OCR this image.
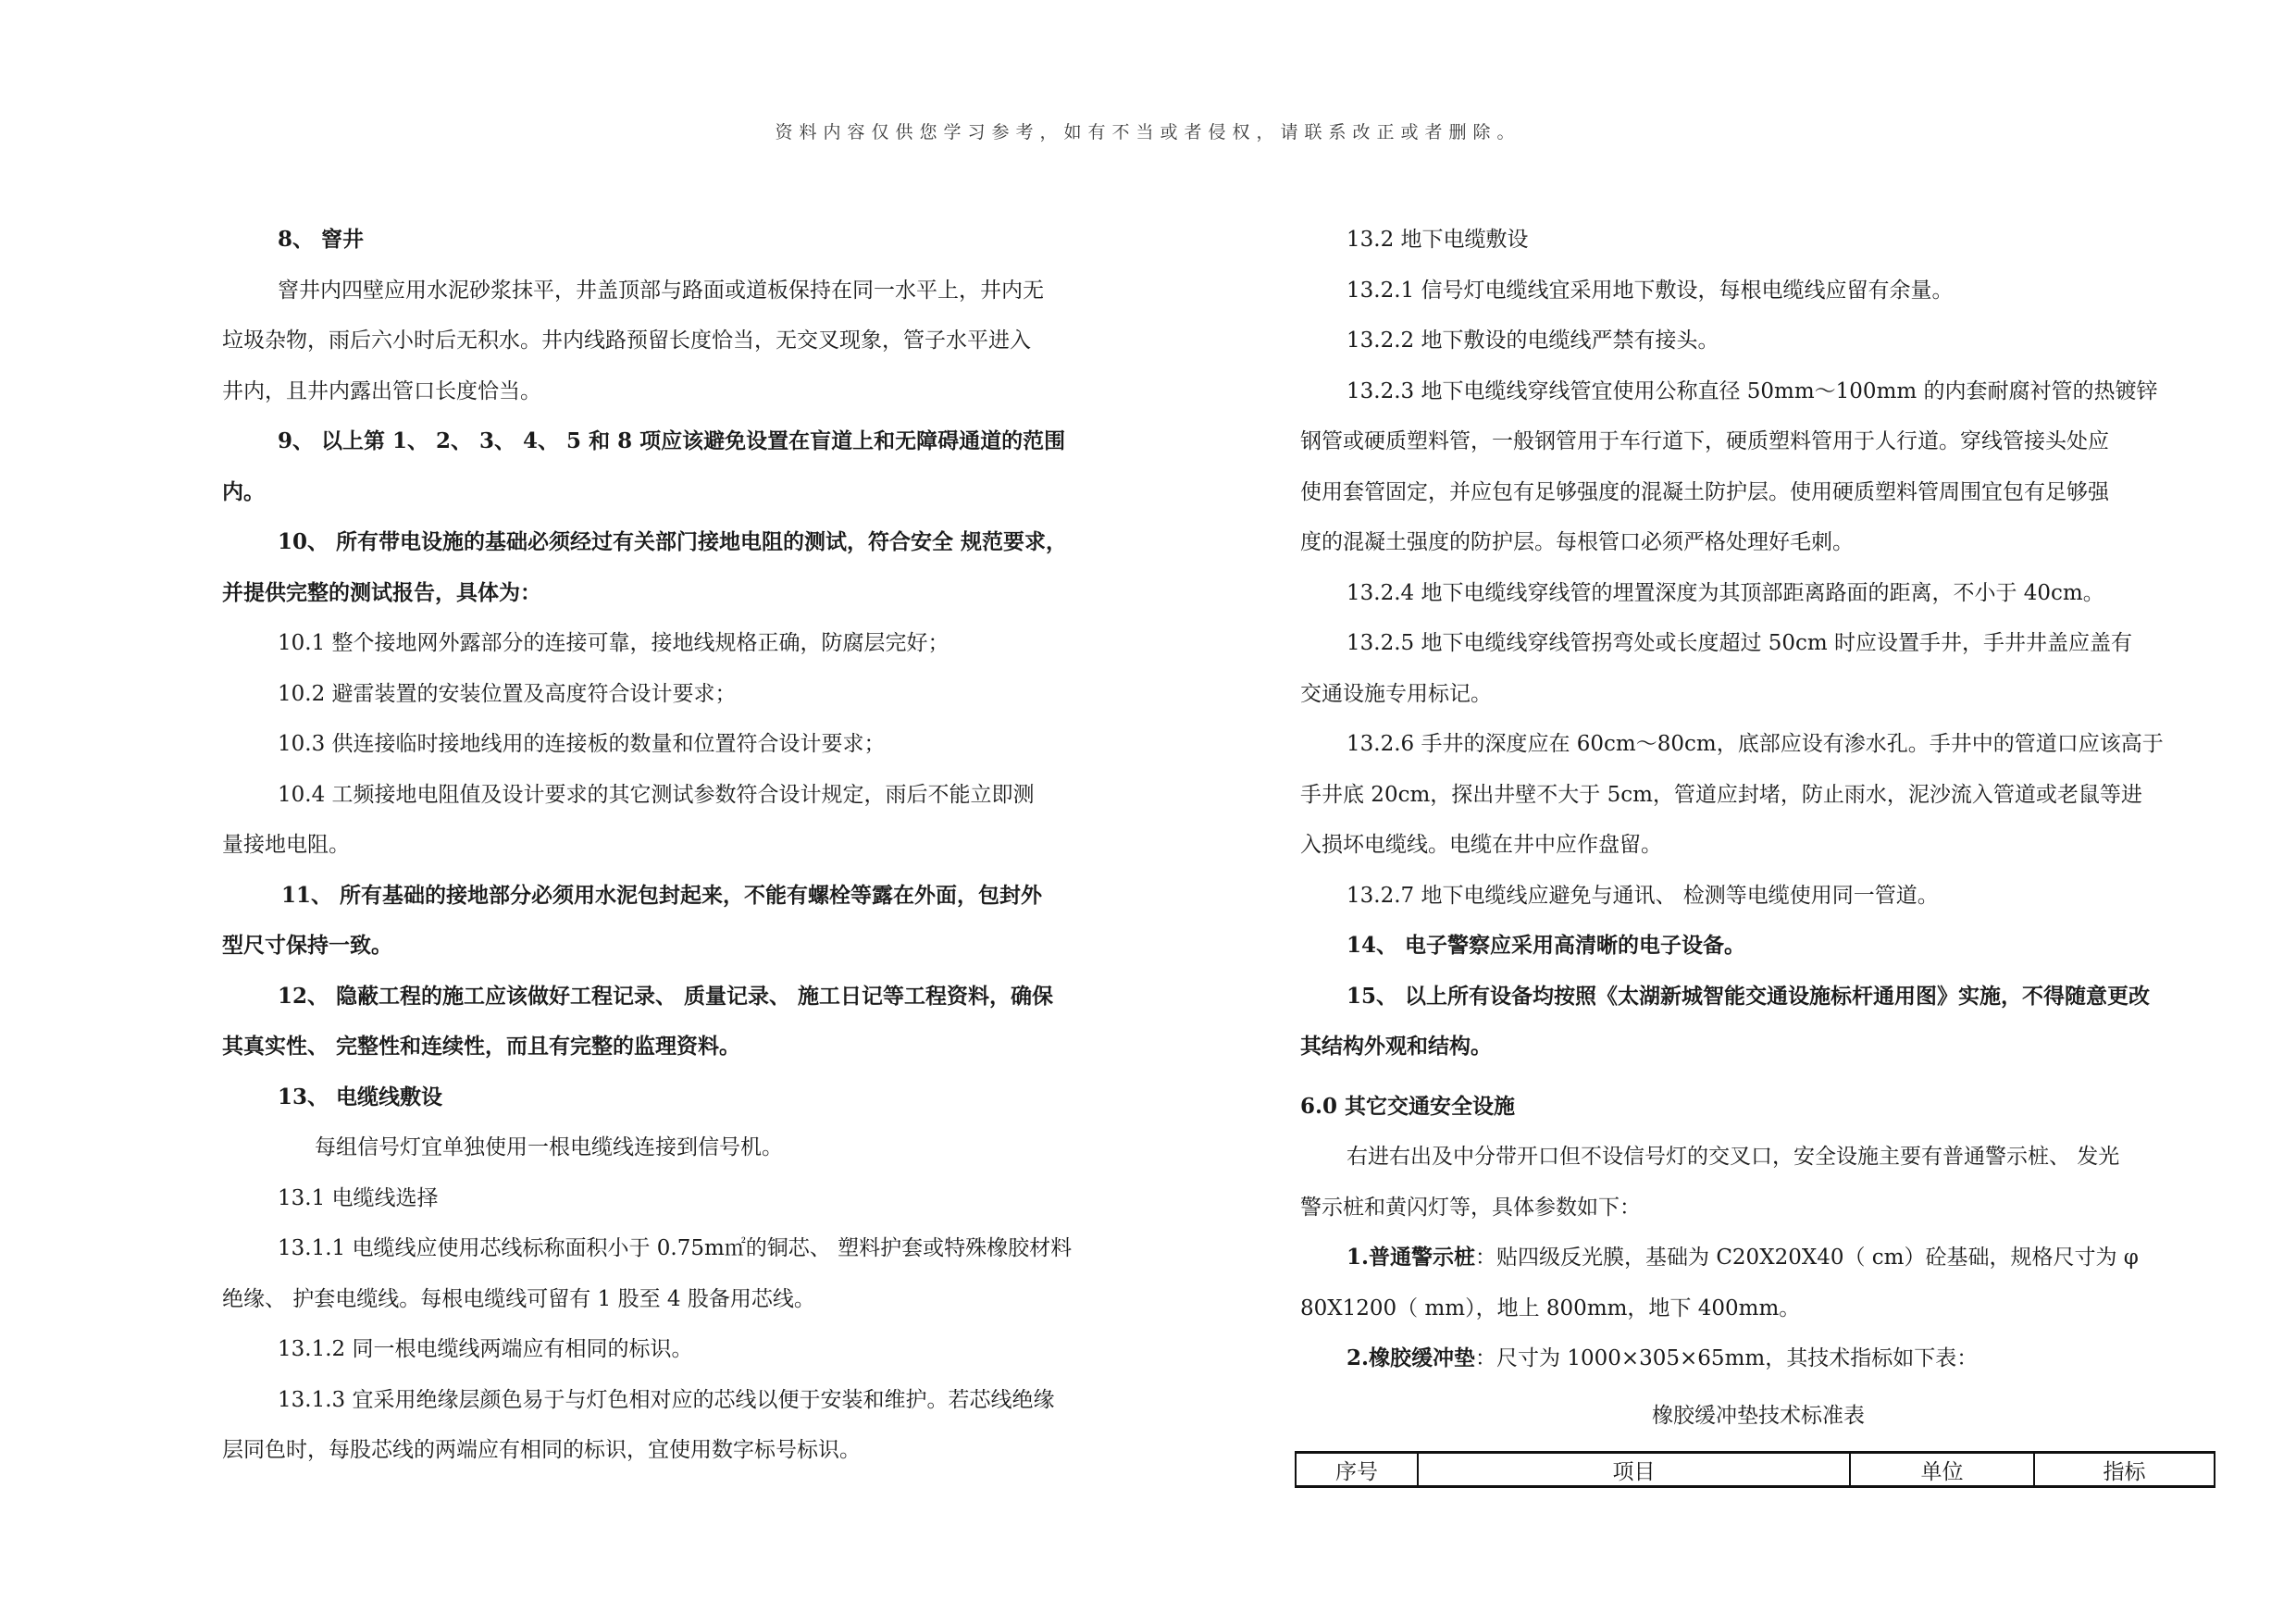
资料内容仅供您学习参考，如有不当或者侵权，请联系改正或者删除。
8、 窨井
窨井内四壁应用水泥砂浆抹平，井盖顶部与路面或道板保持在同一水平上，井内无
垃圾杂物，雨后六小时后无积水。井内线路预留长度恰当，无交叉现象，管子水平进入
井内，且井内露出管口长度恰当。
9、 以上第 1、 2、 3、 4、 5 和 8 项应该避免设置在盲道上和无障碍通道的范围
内。
10、 所有带电设施的基础必须经过有关部门接地电阻的测试，符合安全 规范要求，
并提供完整的测试报告，具体为：
10.1 整个接地网外露部分的连接可靠，接地线规格正确，防腐层完好；
10.2 避雷装置的安装位置及高度符合设计要求；
10.3 供连接临时接地线用的连接板的数量和位置符合设计要求；
10.4 工频接地电阻值及设计要求的其它测试参数符合设计规定，雨后不能立即测
量接地电阻。
11、 所有基础的接地部分必须用水泥包封起来，不能有螺栓等露在外面，包封外
型尺寸保持一致。
12、 隐蔽工程的施工应该做好工程记录、 质量记录、 施工日记等工程资料，确保
其真实性、 完整性和连续性，而且有完整的监理资料。
13、 电缆线敷设
每组信号灯宜单独使用一根电缆线连接到信号机。
13.1 电缆线选择
13.1.1 电缆线应使用芯线标称面积小于 0.75m㎡的铜芯、 塑料护套或特殊橡胶材料
绝缘、 护套电缆线。每根电缆线可留有 1 股至 4 股备用芯线。
13.1.2 同一根电缆线两端应有相同的标识。
13.1.3 宜采用绝缘层颜色易于与灯色相对应的芯线以便于安装和维护。若芯线绝缘
层同色时，每股芯线的两端应有相同的标识，宜使用数字标号标识。
13.2 地下电缆敷设
13.2.1 信号灯电缆线宜采用地下敷设，每根电缆线应留有余量。
13.2.2 地下敷设的电缆线严禁有接头。
13.2.3 地下电缆线穿线管宜使用公称直径 50mm～100mm 的内套耐腐衬管的热镀锌
钢管或硬质塑料管，一般钢管用于车行道下，硬质塑料管用于人行道。穿线管接头处应
使用套管固定，并应包有足够强度的混凝土防护层。使用硬质塑料管周围宜包有足够强
度的混凝土强度的防护层。每根管口必须严格处理好毛刺。
13.2.4 地下电缆线穿线管的埋置深度为其顶部距离路面的距离，不小于 40cm。
13.2.5 地下电缆线穿线管拐弯处或长度超过 50cm 时应设置手井，手井井盖应盖有
交通设施专用标记。
13.2.6 手井的深度应在 60cm～80cm，底部应设有渗水孔。手井中的管道口应该高于
手井底 20cm，探出井壁不大于 5cm，管道应封堵，防止雨水，泥沙流入管道或老鼠等进
入损坏电缆线。电缆在井中应作盘留。
13.2.7 地下电缆线应避免与通讯、 检测等电缆使用同一管道。
14、 电子警察应采用高清晰的电子设备。
15、 以上所有设备均按照《太湖新城智能交通设施标杆通用图》实施，不得随意更改
其结构外观和结构。
6.0 其它交通安全设施
右进右出及中分带开口但不设信号灯的交叉口，安全设施主要有普通警示桩、 发光
警示桩和黄闪灯等，具体参数如下：
1.普通警示桩：贴四级反光膜，基础为 C20X20X40（ cm）砼基础，规格尺寸为 φ
80X1200（ mm），地上 800mm，地下 400mm。
2.橡胶缓冲垫：尺寸为 1000×305×65mm，其技术指标如下表：
橡胶缓冲垫技术标准表
序号	项目	单位	指标
